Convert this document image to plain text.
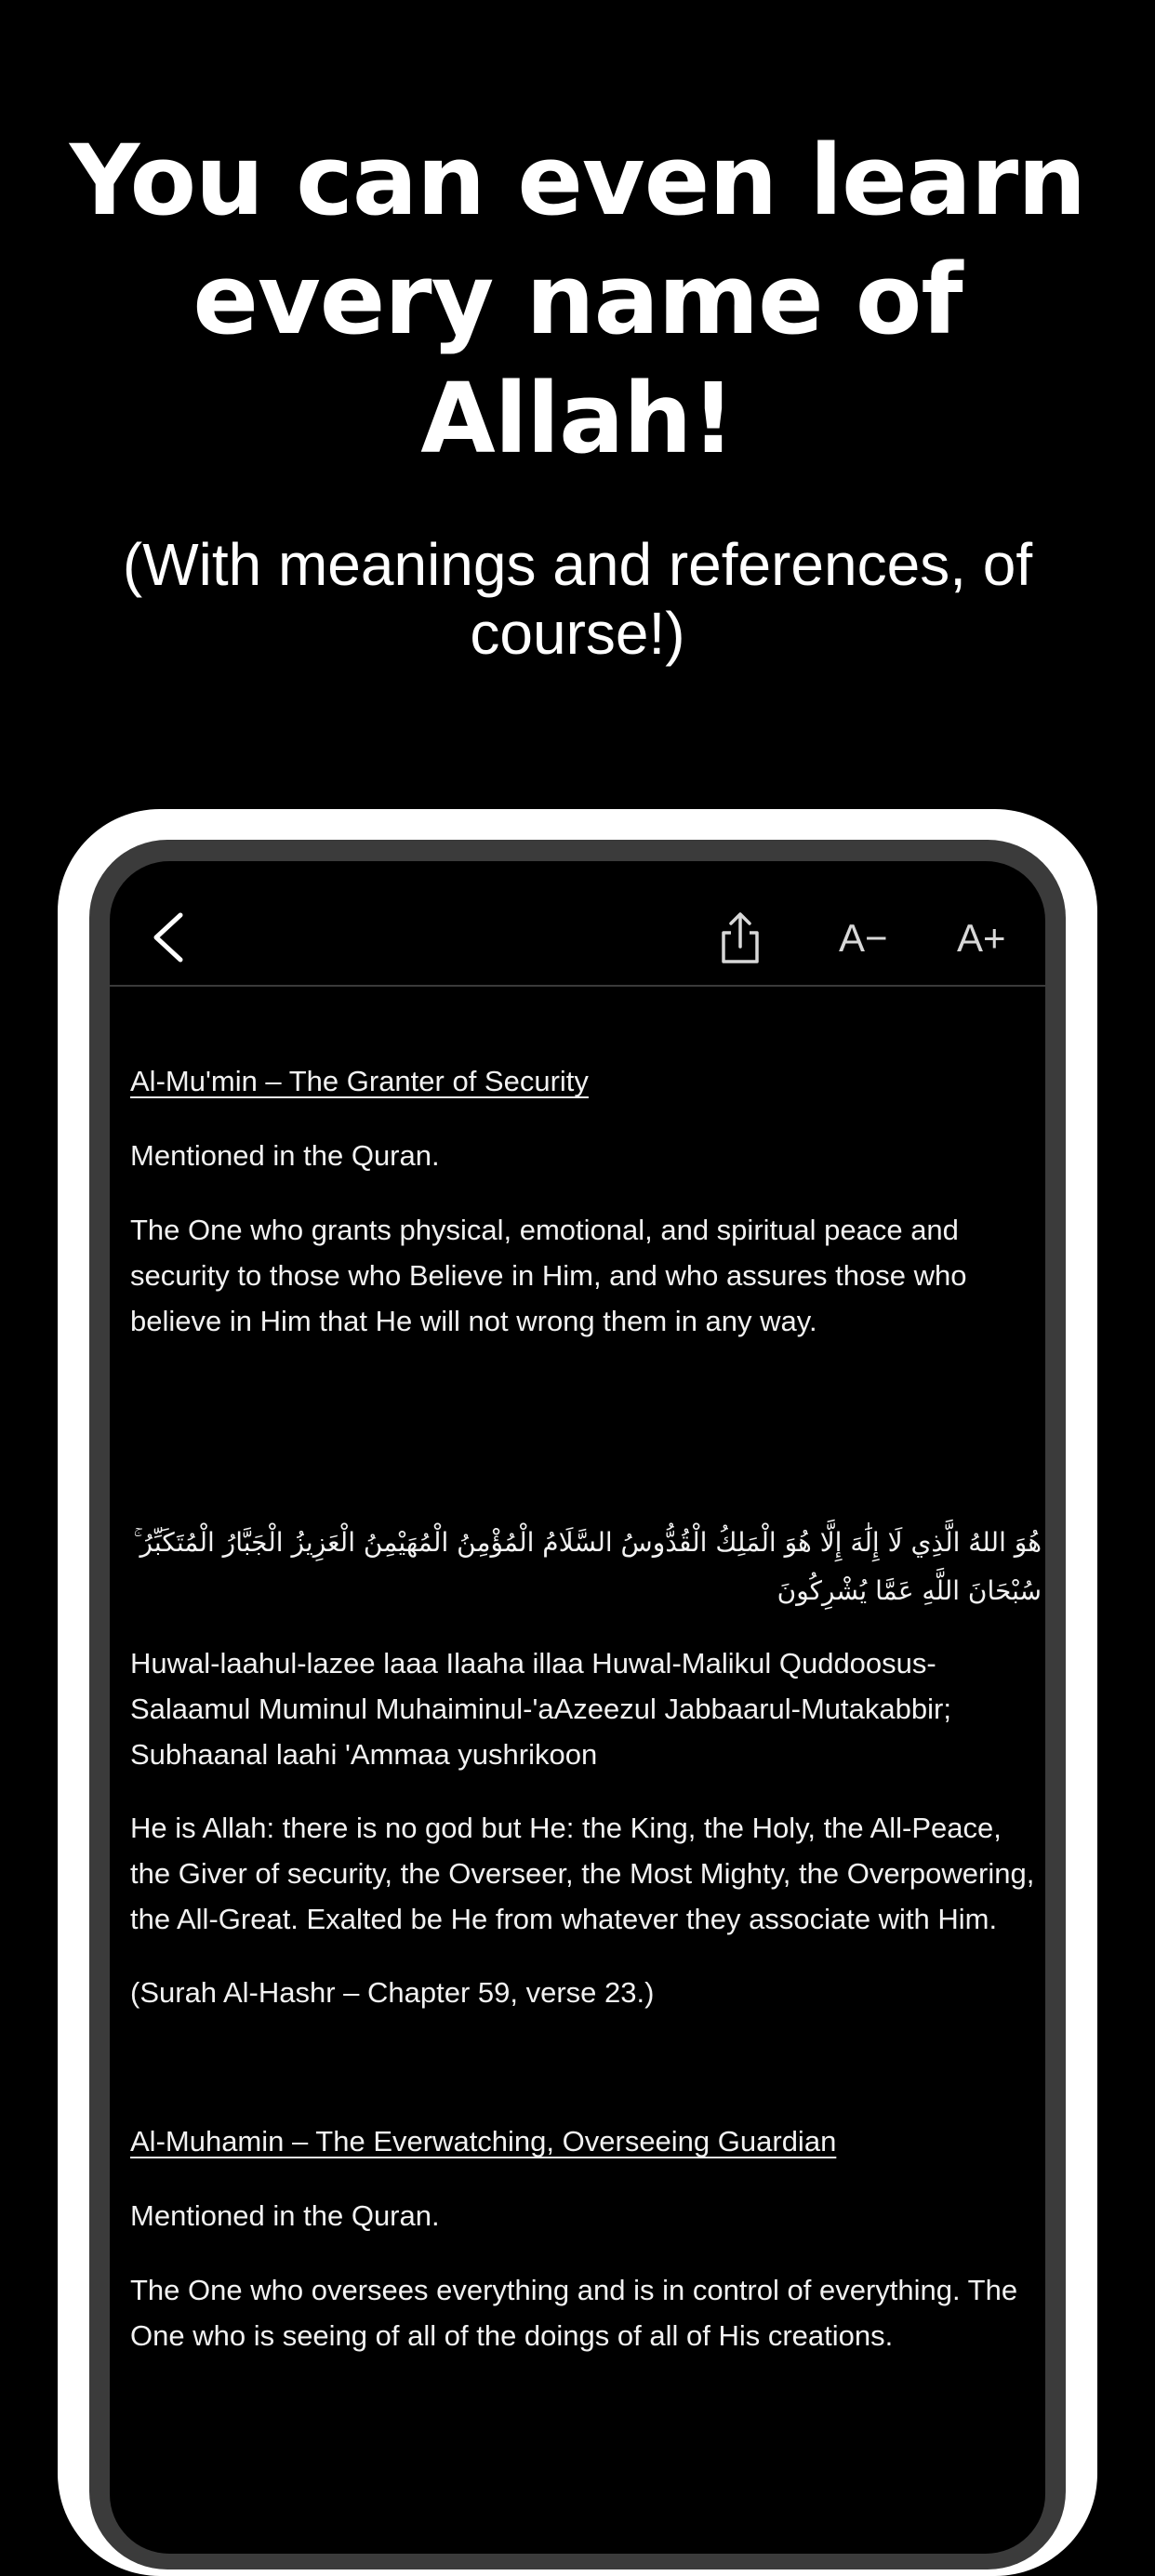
You can even learn every name of Allah!

(With meanings and references, of course!)

A− A+

Al-Mu'min – The Granter of Security

Mentioned in the Quran.

The One who grants physical, emotional, and spiritual peace and security to those who Believe in Him, and who assures those who believe in Him that He will not wrong them in any way.

هُوَ اللهُ الَّذِي لَا إِلَٰهَ إِلَّا هُوَ الْمَلِكُ الْقُدُّوسُ السَّلَامُ الْمُؤْمِنُ الْمُهَيْمِنُ الْعَزِيزُ الْجَبَّارُ الْمُتَكَبِّرُ ۚ سُبْحَانَ اللَّهِ عَمَّا يُشْرِكُونَ

Huwal-laahul-lazee laaa Ilaaha illaa Huwal-Malikul Quddoosus-Salaamul Muminul Muhaiminul-'aAzeezul Jabbaarul-Mutakabbir; Subhaanal laahi 'Ammaa yushrikoon

He is Allah: there is no god but He: the King, the Holy, the All-Peace, the Giver of security, the Overseer, the Most Mighty, the Overpowering, the All-Great. Exalted be He from whatever they associate with Him.

(Surah Al-Hashr – Chapter 59, verse 23.)

Al-Muhamin – The Everwatching, Overseeing Guardian

Mentioned in the Quran.

The One who oversees everything and is in control of everything. The One who is seeing of all of the doings of all of His creations.
